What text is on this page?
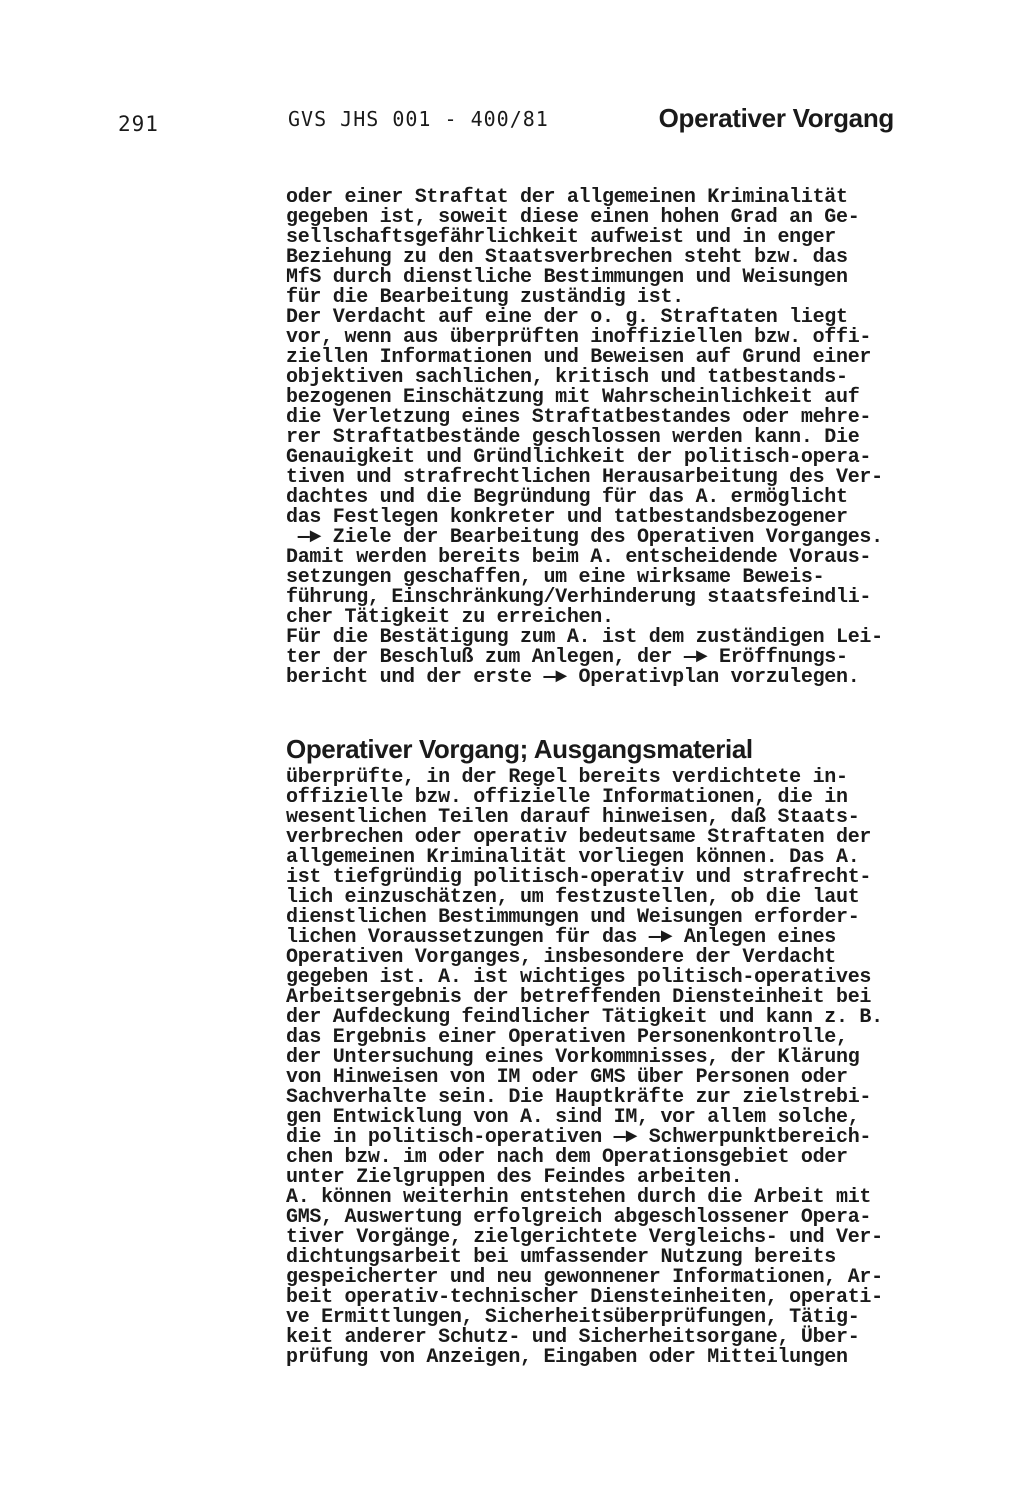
291	GVS JHS 001 - 400/81	Operativer Vorgang
oder einer Straftat der allgemeinen Kriminalität
gegeben ist, soweit diese einen hohen Grad an Ge-
sellschaftsgefährlichkeit aufweist und in enger
Beziehung zu den Staatsverbrechen steht bzw. das
MfS durch dienstliche Bestimmungen und Weisungen
für die Bearbeitung zuständig ist.
Der Verdacht auf eine der o. g. Straftaten liegt
vor, wenn aus überprüften inoffiziellen bzw. offi-
ziellen Informationen und Beweisen auf Grund einer
objektiven sachlichen, kritisch und tatbestands-
bezogenen Einschätzung mit Wahrscheinlichkeit auf
die Verletzung eines Straftatbestandes oder mehre-
rer Straftatbestände geschlossen werden kann. Die
Genauigkeit und Gründlichkeit der politisch-opera-
tiven und strafrechtlichen Herausarbeitung des Ver-
dachtes und die Begründung für das A. ermöglicht
das Festlegen konkreter und tatbestandsbezogener
—► Ziele der Bearbeitung des Operativen Vorganges.
Damit werden bereits beim A. entscheidende Voraus-
setzungen geschaffen, um eine wirksame Beweis-
führung, Einschränkung/Verhinderung staatsfeindli-
cher Tätigkeit zu erreichen.
Für die Bestätigung zum A. ist dem zuständigen Lei-
ter der Beschluß zum Anlegen, der —► Eröffnungs-
bericht und der erste —► Operativplan vorzulegen.
Operativer Vorgang; Ausgangsmaterial
überprüfte, in der Regel bereits verdichtete in-
offizielle bzw. offizielle Informationen, die in
wesentlichen Teilen darauf hinweisen, daß Staats-
verbrechen oder operativ bedeutsame Straftaten der
allgemeinen Kriminalität vorliegen können. Das A.
ist tiefgründig politisch-operativ und strafrecht-
lich einzuschätzen, um festzustellen, ob die laut
dienstlichen Bestimmungen und Weisungen erforder-
lichen Voraussetzungen für das —► Anlegen eines
Operativen Vorganges, insbesondere der Verdacht
gegeben ist. A. ist wichtiges politisch-operatives
Arbeitsergebnis der betreffenden Diensteinheit bei
der Aufdeckung feindlicher Tätigkeit und kann z. B.
das Ergebnis einer Operativen Personenkontrolle,
der Untersuchung eines Vorkommnisses, der Klärung
von Hinweisen von IM oder GMS über Personen oder
Sachverhalte sein. Die Hauptkräfte zur zielstrebi-
gen Entwicklung von A. sind IM, vor allem solche,
die in politisch-operativen —► Schwerpunktbereich-
chen bzw. im oder nach dem Operationsgebiet oder
unter Zielgruppen des Feindes arbeiten.
A. können weiterhin entstehen durch die Arbeit mit
GMS, Auswertung erfolgreich abgeschlossener Opera-
tiver Vorgänge, zielgerichtete Vergleichs- und Ver-
dichtungsarbeit bei umfassender Nutzung bereits
gespeicherter und neu gewonnener Informationen, Ar-
beit operativ-technischer Diensteinheiten, operati-
ve Ermittlungen, Sicherheitsüberprüfungen, Tätig-
keit anderer Schutz- und Sicherheitsorgane, Über-
prüfung von Anzeigen, Eingaben oder Mitteilungen
